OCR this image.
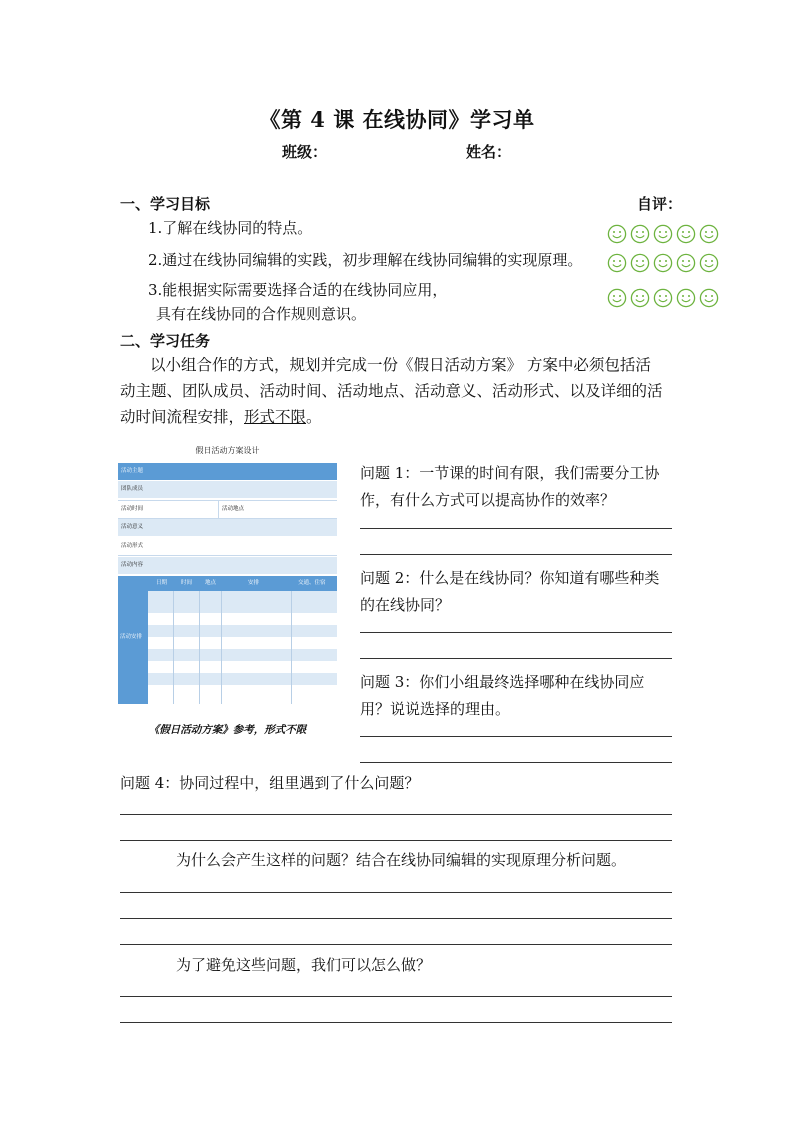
《第 4 课 在线协同》学习单
班级：	姓名：
一、学习目标	自评：
1.了解在线协同的特点。
2.通过在线协同编辑的实践，初步理解在线协同编辑的实现原理。
3.能根据实际需要选择合适的在线协同应用，
具有在线协同的合作规则意识。
二、学习任务
以小组合作的方式，规划并完成一份《假日活动方案》 方案中必须包括活
动主题、团队成员、活动时间、活动地点、活动意义、活动形式、以及详细的活
动时间流程安排，形式不限。
假日活动方案设计
活动主题
团队成员
活动时间	活动地点
活动意义
活动形式
活动内容
活动安排
日期	时间 地点	安排	交通、住宿
《假日活动方案》参考，形式不限
问题 1：一节课的时间有限，我们需要分工协
作，有什么方式可以提高协作的效率？
问题 2：什么是在线协同？你知道有哪些种类
的在线协同？
问题 3：你们小组最终选择哪种在线协同应
用？说说选择的理由。
问题 4：协同过程中，组里遇到了什么问题？
为什么会产生这样的问题？结合在线协同编辑的实现原理分析问题。
为了避免这些问题，我们可以怎么做？
